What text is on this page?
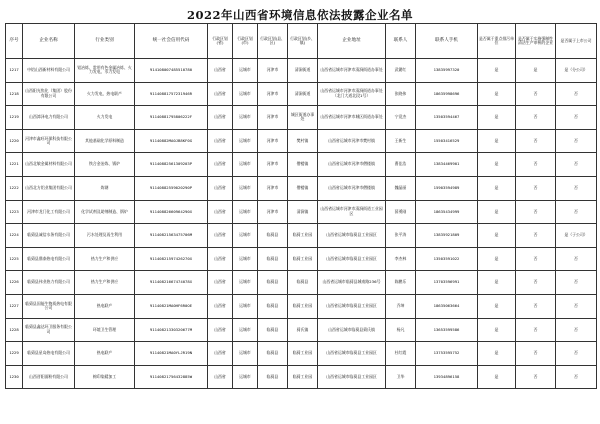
2022年山西省环境信息依法披露企业名单
序号	企业名称	行业类别	统一社会信用代码	行政区划(省)	行政区划(市)	行政区划(县、区)	行政区划(乡、镇)	企业地址	联系人	联系人手机	是否属于重点排污单位	是否属于实施强制性清洁生产审核的企业	是否属于上市公司
1217	中铝山西新材料有限公司	铝冶炼、常用有色金属冶炼、火力发电、水力发电	914108007485510780	山西省	运城市	河津市	清涧街道	山西省运城市河津市清涧街道办事处	武繁红	13835997320	是	是	是（分公司）
1218	山西阳光焦化（集团）股份有限公司	火力发电，热电联产	91140881757231946R	山西省	运城市	河津市	清涧街道	山西省运城市河津市清涧街道办事处（北门大道北段1号）	张晓伟	18635998696	是	否	否
1219	山西漳泽电力有限公司	火力发电	91140881795806222F	山西省	运城市	河津市	城区街道办事处	山西省运城市河津市城区街道办事处	宁竟杰	13503594467	是	否	否
1220	河津市鑫旺环保科技有限公司	其他基础化学原料制造	91140882MA0JB8KF0G	山西省	运城市	河津市	樊村镇	山西省运城市河津市樊村镇	王新生	15503416529	是	否	否
1221	山西北敏金属材料有限公司	铁合金冶炼、锅炉	91140882561309203P	山西省	运城市	河津市	僧楼镇	山西省运城市河津市僧楼镇	曹佳浩	13834469901	是	否	否
1222	山西北方铝业集团有限公司	炼钢	91140882559020290P	山西省	运城市	河津市	僧楼镇	山西省运城市河津市僧楼镇	魏晶丽	15903594989	是	否	否
1223	河津市龙门化工有限公司	化学试剂及助剂制造、锅炉	91140882660964290X	山西省	运城市	河津市	清涧镇	山西省运城市河津市清涧街道工业园区	薛勇刚	18635434999	是	否	否
1224	临猗县诚信水务有限公司	污水处理及再生利用	91140821563475706M	山西省	运城市	临猗县	临猗工业园	山西省运城市临猗县工业园区	张平涛	13835921809	是	否	是（子公司）
1225	临猗县鼎泰热电有限公司	热力生产和供应	91140821597426270X	山西省	运城市	临猗县	临猗工业园	山西省运城市临猗县工业园区	李杰林	13503591022	是	否	否
1226	临猗县伟业热力有限公司	热力生产和供应	91140821667474078X	山西省	运城市	临猗县	临猗县	山西省运城市临猗县城南路236号	陈鹏乐	13703596991	是	否	否
1227	临猗县国能生物质热电有限公司	热电联产	91140821MA0HF6R0OE	山西省	运城市	临猗县	临猗工业园	山西省运城市临猗县工业园区	乔坤	18635063664	是	否	否
1228	临猗县鑫达环卫服务有限公司	环境卫生管理	91140821330320677M	山西省	运城市	临猗县	猗氏镇	山西省运城市临猗县猗氏镇	杨凡	13653599586	是	否	否
1229	临猗县星岛热电有限公司	热电联产	91140821MA0YLJR19N	山西省	运城市	临猗县	临猗工业园	山西省运城市临猗县工业园区	杜红霞	13753595752	是	否	否
1230	山西晋阳面粉有限公司	棉印染精加工	91140821756432885W	山西省	运城市	临猗县	临猗工业园	山西省运城市临猗县工业园区	卫华	13934896158	是	否	否
